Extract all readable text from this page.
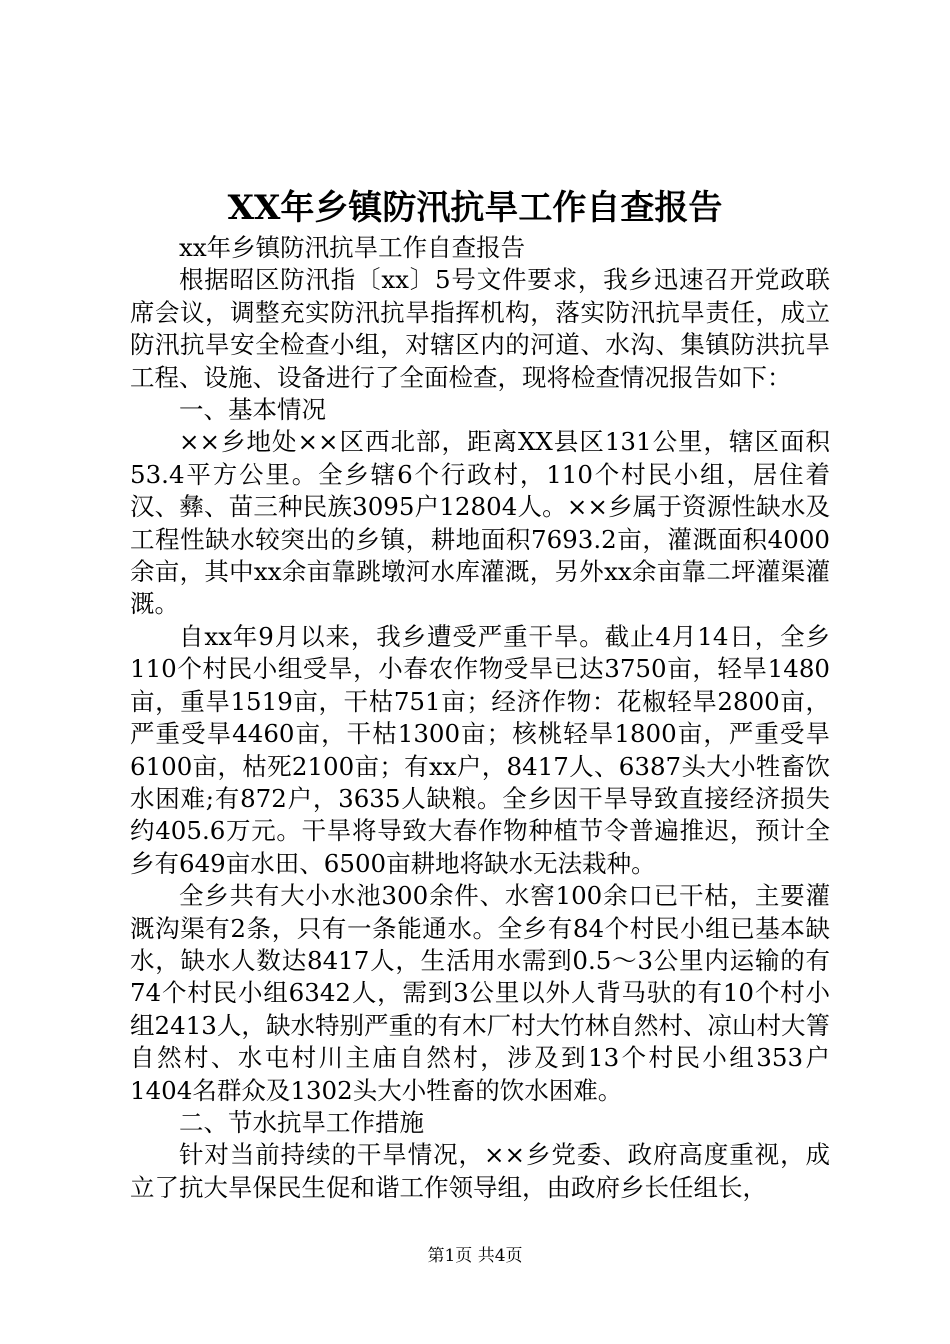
XX年乡镇防汛抗旱工作自查报告

xx年乡镇防汛抗旱工作自查报告

根据昭区防汛指〔xx〕5号文件要求，我乡迅速召开党政联席会议，调整充实防汛抗旱指挥机构，落实防汛抗旱责任，成立防汛抗旱安全检查小组，对辖区内的河道、水沟、集镇防洪抗旱工程、设施、设备进行了全面检查，现将检查情况报告如下：

一、基本情况

××乡地处××区西北部，距离XX县区131公里，辖区面积53.4平方公里。全乡辖6个行政村，110个村民小组，居住着汉、彝、苗三种民族3095户12804人。××乡属于资源性缺水及工程性缺水较突出的乡镇，耕地面积7693.2亩，灌溉面积4000余亩，其中xx余亩靠跳墩河水库灌溉，另外xx余亩靠二坪灌渠灌溉。

自xx年9月以来，我乡遭受严重干旱。截止4月14日，全乡110个村民小组受旱，小春农作物受旱已达3750亩，轻旱1480亩，重旱1519亩，干枯751亩；经济作物：花椒轻旱2800亩，严重受旱4460亩，干枯1300亩；核桃轻旱1800亩，严重受旱6100亩，枯死2100亩；有xx户，8417人、6387头大小牲畜饮水困难;有872户，3635人缺粮。全乡因干旱导致直接经济损失约405.6万元。干旱将导致大春作物种植节令普遍推迟，预计全乡有649亩水田、6500亩耕地将缺水无法栽种。

全乡共有大小水池300余件、水窖100余口已干枯，主要灌溉沟渠有2条，只有一条能通水。全乡有84个村民小组已基本缺水，缺水人数达8417人，生活用水需到0.5～3公里内运输的有74个村民小组6342人，需到3公里以外人背马驮的有10个村小组2413人，缺水特别严重的有木厂村大竹林自然村、凉山村大箐自然村、水屯村川主庙自然村，涉及到13个村民小组353户1404名群众及1302头大小牲畜的饮水困难。

二、节水抗旱工作措施

针对当前持续的干旱情况，××乡党委、政府高度重视，成立了抗大旱保民生促和谐工作领导组，由政府乡长任组长，

第1页 共4页
